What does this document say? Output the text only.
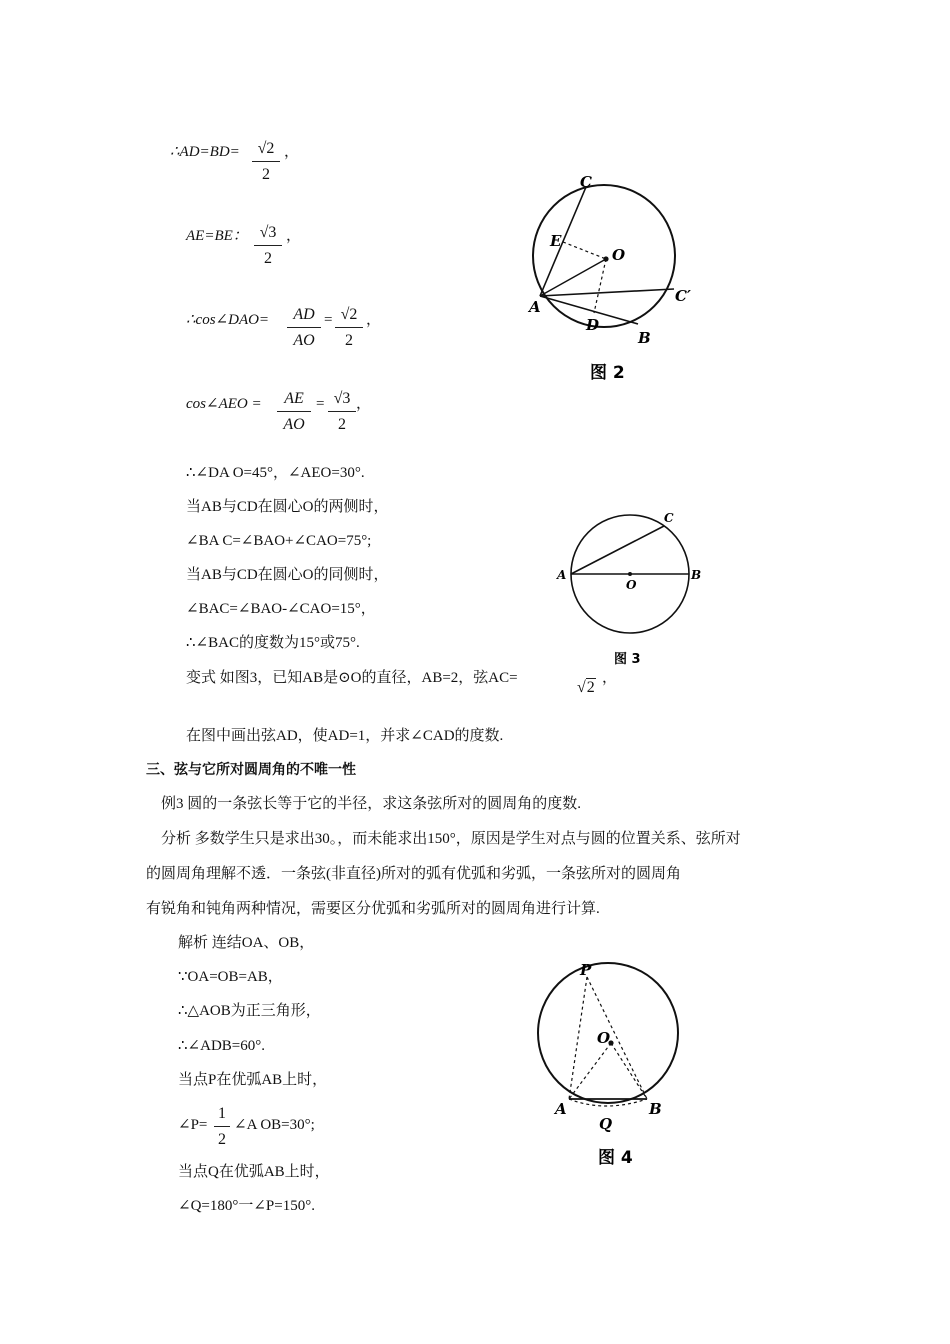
∴AD=BD=	√2
2
，
AE=BE： √3
2
，
∴cos∠DAO=	AD
AO
= √2
2
，
cos∠AEO =	AE
AO
= √3
2
，
∴∠DA O=45°，∠AEO=30°.
当AB与CD在圆心O的两侧时，
∠BA C=∠BAO+∠CAO=75°;
当AB与CD在圆心O的同侧时，
∠BAC=∠BAO-∠CAO=15°，
∴∠BAC的度数为15°或75°.
变式 如图3，已知AB是⊙O的直径，AB=2，弦AC=
√2
，
在图中画出弦AD，使AD=1，并求∠CAD的度数.
三、弦与它所对圆周角的不唯一性
例3 圆的一条弦长等于它的半径，求这条弦所对的圆周角的度数.
分析 多数学生只是求出30。，而未能求出150°，原因是学生对点与圆的位置关系、弦所对
的圆周角理解不透．一条弦(非直径)所对的弧有优弧和劣弧，一条弦所对的圆周角
有锐角和钝角两种情况，需要区分优弧和劣弧所对的圆周角进行计算.
解析 连结OA、OB，
∵OA=OB=AB，
∴△AOB为正三角形，
∴∠ADB=60°.
当点P在优弧AB上时，
∠P=
1
2
∠A OB=30°;
当点Q在优弧AB上时，
∠Q=180°一∠P=150°.
C
E
O
A
C′
D
B
图 2
C
A
O
B
图 3
P
O
A	B
Q
图 4
